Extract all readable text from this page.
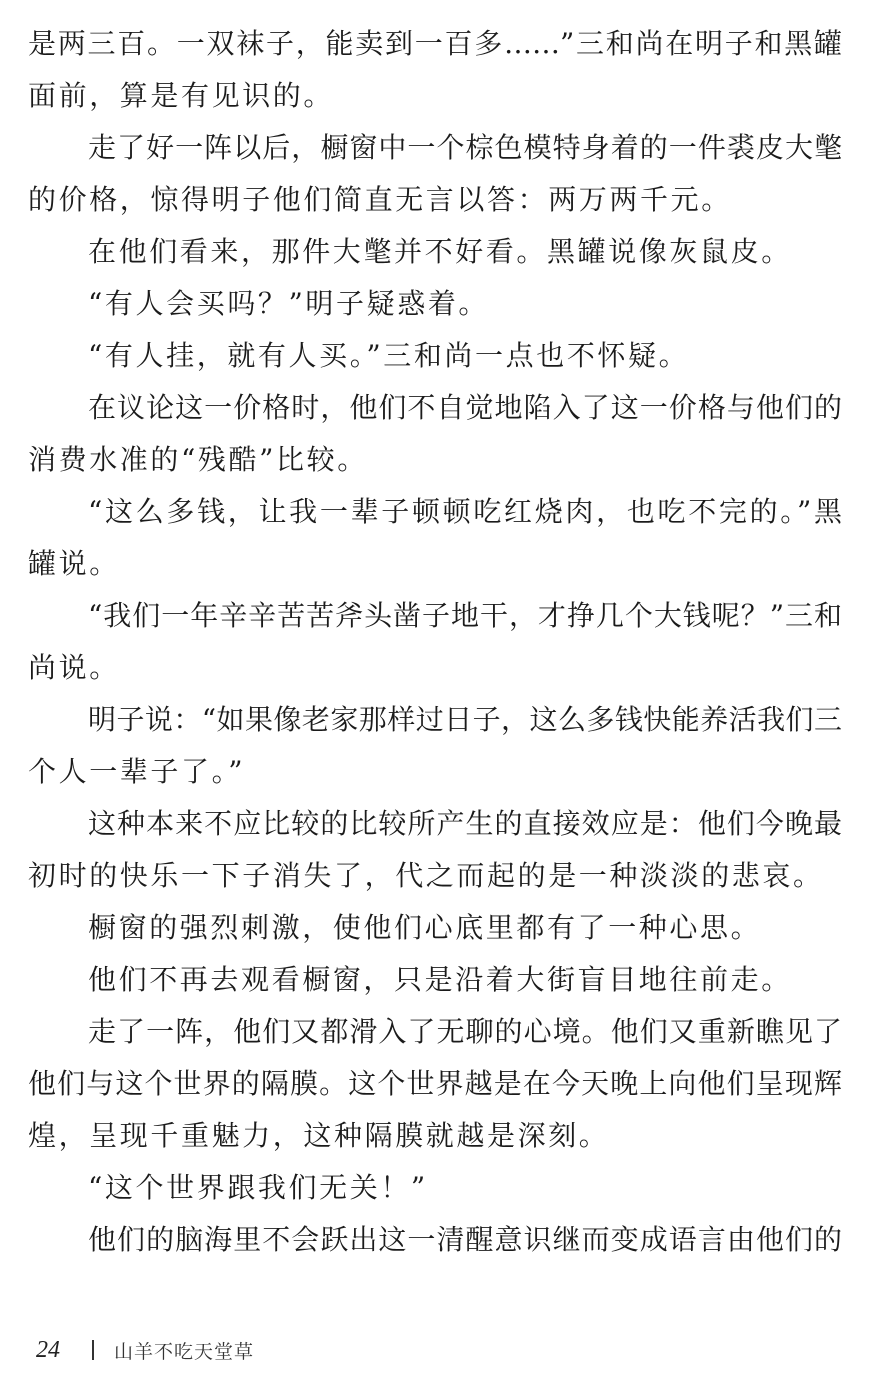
是两三百。一双袜子，能卖到一百多……”三和尚在明子和黑罐
面前，算是有见识的。
走了好一阵以后，橱窗中一个棕色模特身着的一件裘皮大氅
的价格，惊得明子他们简直无言以答：两万两千元。
在他们看来，那件大氅并不好看。黑罐说像灰鼠皮。
“有人会买吗？”明子疑惑着。
“有人挂，就有人买。”三和尚一点也不怀疑。
在议论这一价格时，他们不自觉地陷入了这一价格与他们的
消费水准的“残酷”比较。
“这么多钱，让我一辈子顿顿吃红烧肉，也吃不完的。”黑
罐说。
“我们一年辛辛苦苦斧头凿子地干，才挣几个大钱呢？”三和
尚说。
明子说：“如果像老家那样过日子，这么多钱快能养活我们三
个人一辈子了。”
这种本来不应比较的比较所产生的直接效应是：他们今晚最
初时的快乐一下子消失了，代之而起的是一种淡淡的悲哀。
橱窗的强烈刺激，使他们心底里都有了一种心思。
他们不再去观看橱窗，只是沿着大街盲目地往前走。
走了一阵，他们又都滑入了无聊的心境。他们又重新瞧见了
他们与这个世界的隔膜。这个世界越是在今天晚上向他们呈现辉
煌，呈现千重魅力，这种隔膜就越是深刻。
“这个世界跟我们无关！”
他们的脑海里不会跃出这一清醒意识继而变成语言由他们的
24	山羊不吃天堂草
